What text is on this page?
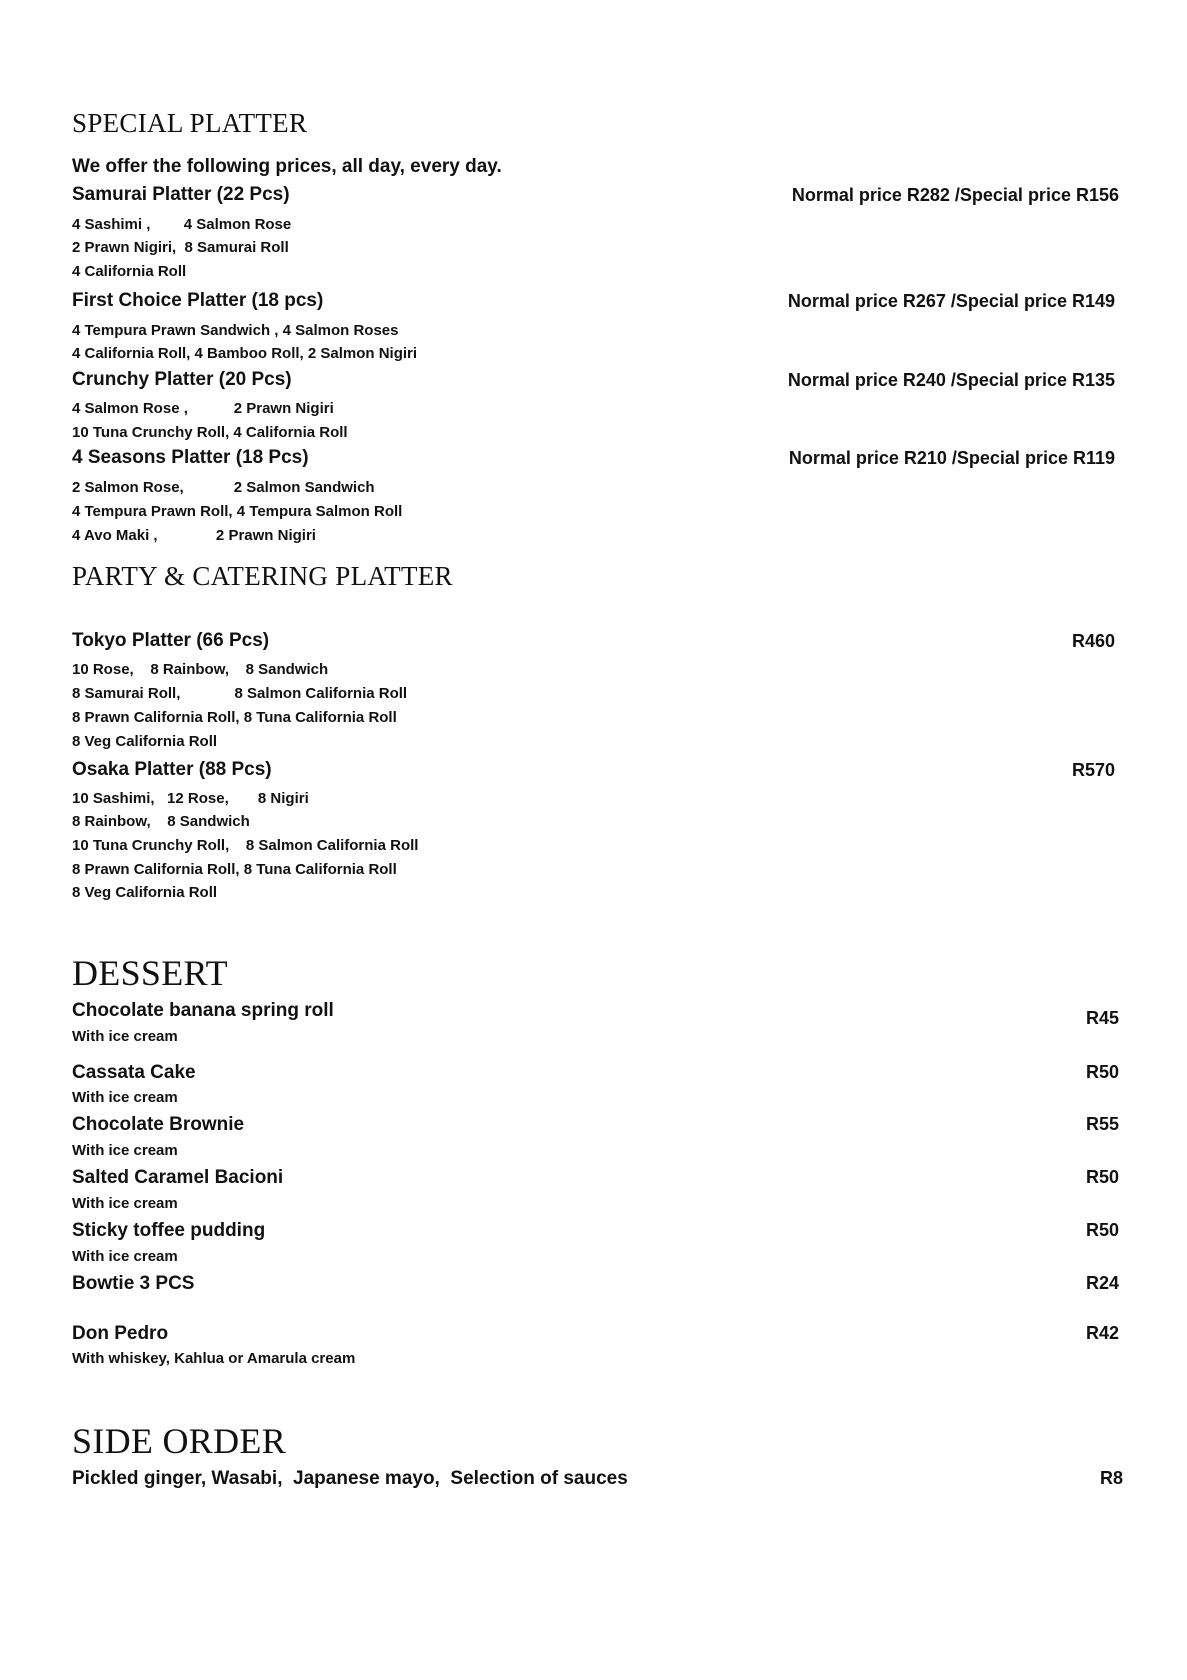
SPECIAL PLATTER
We offer the following prices, all day, every day.
Samurai Platter (22 Pcs)	Normal price R282 /Special price R156
4 Sashimi ,        4 Salmon Rose
2 Prawn Nigiri,  8 Samurai Roll
4 California Roll
First Choice Platter (18 pcs)	Normal price R267 /Special price R149
4 Tempura Prawn Sandwich , 4 Salmon Roses
4 California Roll, 4 Bamboo Roll, 2 Salmon Nigiri
Crunchy Platter (20 Pcs)	Normal price R240 /Special price R135
4 Salmon Rose ,           2 Prawn Nigiri
10 Tuna Crunchy Roll, 4 California Roll
4 Seasons Platter (18 Pcs)	Normal price R210 /Special price R119
2 Salmon Rose,            2 Salmon Sandwich
4 Tempura Prawn Roll, 4 Tempura Salmon Roll
4 Avo Maki ,              2 Prawn Nigiri
PARTY & CATERING PLATTER
Tokyo Platter (66 Pcs)	R460
10 Rose,    8 Rainbow,    8 Sandwich
8 Samurai Roll,             8 Salmon California Roll
8 Prawn California Roll, 8 Tuna California Roll
8 Veg California Roll
Osaka Platter (88 Pcs)	R570
10 Sashimi,   12 Rose,       8 Nigiri
8 Rainbow,    8 Sandwich
10 Tuna Crunchy Roll,    8 Salmon California Roll
8 Prawn California Roll, 8 Tuna California Roll
8 Veg California Roll
DESSERT
Chocolate banana spring roll	R45
With ice cream
Cassata Cake	R50
With ice cream
Chocolate Brownie	R55
With ice cream
Salted Caramel Bacioni	R50
With ice cream
Sticky toffee pudding	R50
With ice cream
Bowtie 3 PCS	R24
Don Pedro	R42
With whiskey, Kahlua or Amarula cream
SIDE ORDER
Pickled ginger, Wasabi,  Japanese mayo,  Selection of sauces	R8
